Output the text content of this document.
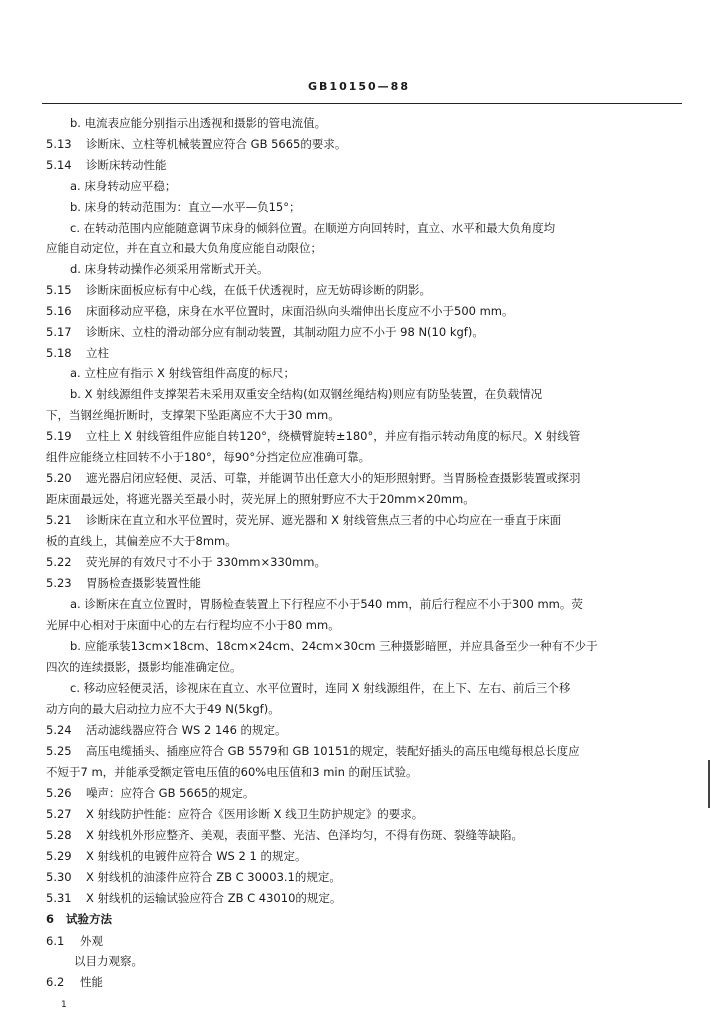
GB10150—88
b. 电流表应能分别指示出透视和摄影的管电流值。
5.13 诊断床、立柱等机械装置应符合 GB 5665的要求。
5.14 诊断床转动性能
a. 床身转动应平稳；
b. 床身的转动范围为：直立—水平—负15°；
c. 在转动范围内应能随意调节床身的倾斜位置。在顺逆方向回转时，直立、水平和最大负角度均
应能自动定位，并在直立和最大负角度应能自动限位；
d. 床身转动操作必须采用常断式开关。
5.15 诊断床面板应标有中心线，在低千伏透视时，应无妨碍诊断的阴影。
5.16 床面移动应平稳，床身在水平位置时，床面沿纵向头端伸出长度应不小于500 mm。
5.17 诊断床、立柱的滑动部分应有制动装置，其制动阻力应不小于 98 N(10 kgf)。
5.18 立柱
a. 立柱应有指示 X 射线管组件高度的标尺；
b. X 射线源组件支撑架若未采用双重安全结构(如双钢丝绳结构)则应有防坠装置，在负载情况
下，当钢丝绳折断时，支撑架下坠距离应不大于30 mm。
5.19 立柱上 X 射线管组件应能自转120°，绕横臂旋转±180°，并应有指示转动角度的标尺。X 射线管
组件应能绕立柱回转不小于180°，每90°分挡定位应准确可靠。
5.20 遮光器启闭应轻便、灵活、可靠，并能调节出任意大小的矩形照射野。当胃肠检查摄影装置或探羽
距床面最远处，将遮光器关至最小时，荧光屏上的照射野应不大于20mm×20mm。
5.21 诊断床在直立和水平位置时，荧光屏、遮光器和 X 射线管焦点三者的中心均应在一垂直于床面
板的直线上，其偏差应不大于8mm。
5.22 荧光屏的有效尺寸不小于 330mm×330mm。
5.23 胃肠检查摄影装置性能
a. 诊断床在直立位置时，胃肠检查装置上下行程应不小于540 mm，前后行程应不小于300 mm。荧
光屏中心相对于床面中心的左右行程均应不小于80 mm。
b. 应能承装13cm×18cm、18cm×24cm、24cm×30cm 三种摄影暗匣，并应具备至少一种有不少于
四次的连续摄影，摄影均能准确定位。
c. 移动应轻便灵活，诊视床在直立、水平位置时，连同 X 射线源组件，在上下、左右、前后三个移
动方向的最大启动拉力应不大于49 N(5kgf)。
5.24 活动滤线器应符合 WS 2 146 的规定。
5.25 高压电缆插头、插座应符合 GB 5579和 GB 10151的规定，装配好插头的高压电缆每根总长度应
不短于7 m，并能承受额定管电压值的60%电压值和3 min 的耐压试验。
5.26 噪声：应符合 GB 5665的规定。
5.27 X 射线防护性能：应符合《医用诊断 X 线卫生防护规定》的要求。
5.28 X 射线机外形应整齐、美观，表面平整、光洁、色泽均匀，不得有伤斑、裂缝等缺陷。
5.29 X 射线机的电镀件应符合 WS 2 1 的规定。
5.30 X 射线机的油漆件应符合 ZB C 30003.1的规定。
5.31 X 射线机的运输试验应符合 ZB C 43010的规定。
6 试验方法
6.1 外观
以目力观察。
6.2 性能
1
